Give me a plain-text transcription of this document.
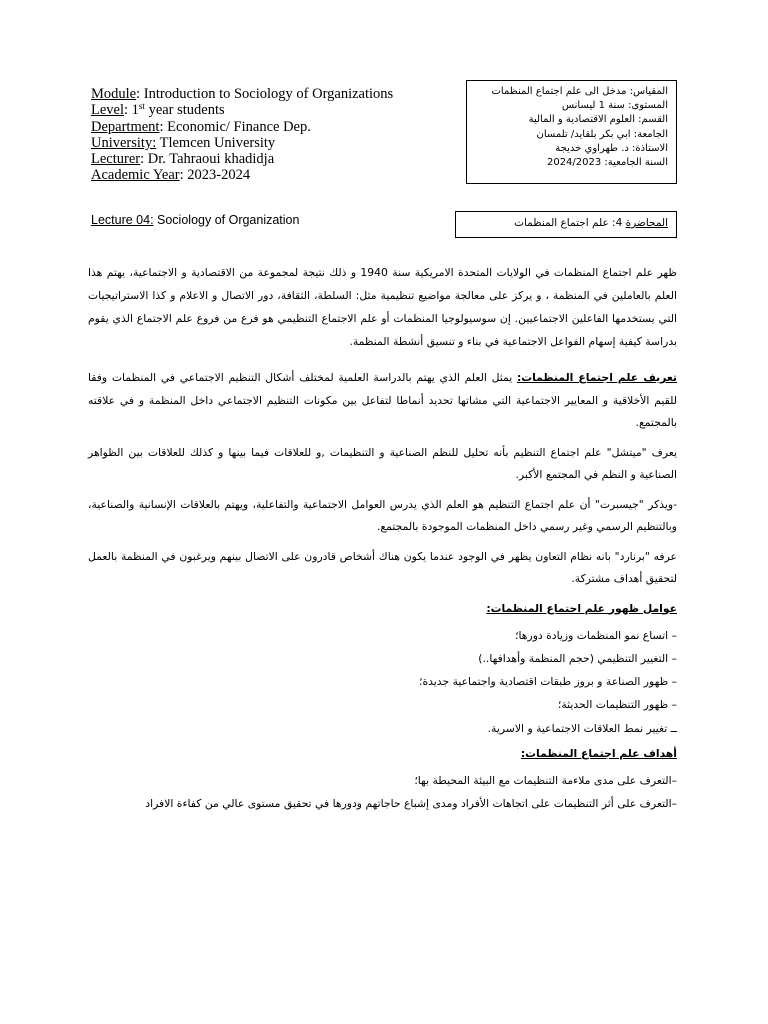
Module: Introduction to Sociology of Organizations
Level: 1st year students
Department: Economic/ Finance Dep.
University: Tlemcen University
Lecturer: Dr. Tahraoui khadidja
Academic Year: 2023-2024
المقياس: مدخل الى علم اجتماع المنظمات
المستوى: سنة 1 ليسانس
القسم: العلوم الاقتصادية و المالية
الجامعة: ابي بكر بلقايد/ تلمسان
الاستاذة: د. طهراوي خديجة
السنة الجامعية: 2024/2023
Lecture 04: Sociology of Organization	المحاضرة 4: علم اجتماع المنظمات

ظهر علم اجتماع المنظمات في الولايات المتحدة الامريكية سنة 1940 و ذلك نتيجة لمجموعة من الاقتصادية و الاجتماعية، يهتم هذا العلم بالعاملين في المنظمة ، و يركز على معالجة مواضيع تنظيمية مثل: السلطة، الثقافة، دور الاتصال و الاعلام و كذا الاستراتيجيات التي يستخدمها الفاعلين الاجتماعيين. إن سوسيولوجيا المنظمات أو علم الاجتماع التنظيمي هو فرع من فروع علم الاجتماع الذي يقوم بدراسة كيفية إسهام الفواعل الاجتماعية في بناء و تنسيق أنشطة المنظمة.

تعريف علم اجتماع المنظمات: يمثل العلم الذي يهتم بالدراسة العلمية لمختلف أشكال التنظيم الاجتماعي في المنظمات وفقا للقيم الأخلاقية و المعايير الاجتماعية التي مشاتها تحديد أنماطا لتفاعل بين مكونات التنظيم الاجتماعي داخل المنظمة و في علاقته بالمجتمع.

يعرف "ميتشل" علم اجتماع التنظيم بأنه تحليل للنظم الصناعية و التنظيمات ,و للعلاقات فيما بينها و كذلك للعلاقات بين الظواهر الصناعية و النظم في المجتمع الأكبر.

-ويذكر "جيسبرت" أن علم اجتماع التنظيم هو العلم الذي يدرس العوامل الاجتماعية والتفاعلية، ويهتم بالعلاقات الإنسانية والصناعية، وبالتنظيم الرسمي وغير رسمي داخل المنظمات الموجودة بالمجتمع.

عرفه "برنارد" بانه نظام التعاون يظهر في الوجود عندما يكون هناك أشخاص قادرون على الاتصال بينهم ويرغبون في المنظمة بالعمل لتحقيق أهداف مشتركة.

عوامل ظهور علم اجتماع المنظمات:
– اتساع نمو المنظمات وزيادة دورها؛
– التغيير التنظيمي (حجم المنظمة وأهدافها..)
– ظهور الصناعة و بروز طبقات اقتصادية واجتماعية جديدة؛
– ظهور التنظيمات الحديثة؛
ــ تغيير نمط العلاقات الاجتماعية و الاسرية.
أهداف علم اجتماع المنظمات:
–التعرف على مدى ملاءمة التنظيمات مع البيئة المحيطة بها؛
–التعرف على أثر التنظيمات على اتجاهات الأفراد ومدى إشباع حاجاتهم ودورها في تحقيق مستوى عالي من كفاءة الافراد
